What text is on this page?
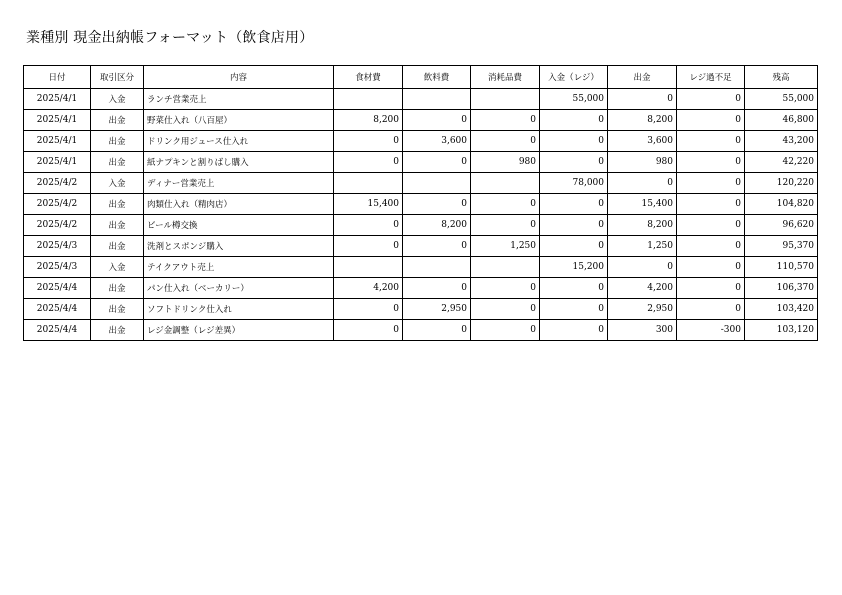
業種別 現金出納帳フォーマット（飲食店用）
日付	取引区分	内容	食材費	飲料費	消耗品費	入金（レジ）	出金	レジ過不足	残高
2025/4/1	入金	ランチ営業売上				55,000	0	0	55,000
2025/4/1	出金	野菜仕入れ（八百屋）	8,200	0	0	0	8,200	0	46,800
2025/4/1	出金	ドリンク用ジュース仕入れ	0	3,600	0	0	3,600	0	43,200
2025/4/1	出金	紙ナプキンと割りばし購入	0	0	980	0	980	0	42,220
2025/4/2	入金	ディナー営業売上				78,000	0	0	120,220
2025/4/2	出金	肉類仕入れ（精肉店）	15,400	0	0	0	15,400	0	104,820
2025/4/2	出金	ビール樽交換	0	8,200	0	0	8,200	0	96,620
2025/4/3	出金	洗剤とスポンジ購入	0	0	1,250	0	1,250	0	95,370
2025/4/3	入金	テイクアウト売上				15,200	0	0	110,570
2025/4/4	出金	パン仕入れ（ベーカリー）	4,200	0	0	0	4,200	0	106,370
2025/4/4	出金	ソフトドリンク仕入れ	0	2,950	0	0	2,950	0	103,420
2025/4/4	出金	レジ金調整（レジ差異）	0	0	0	0	300	-300	103,120
